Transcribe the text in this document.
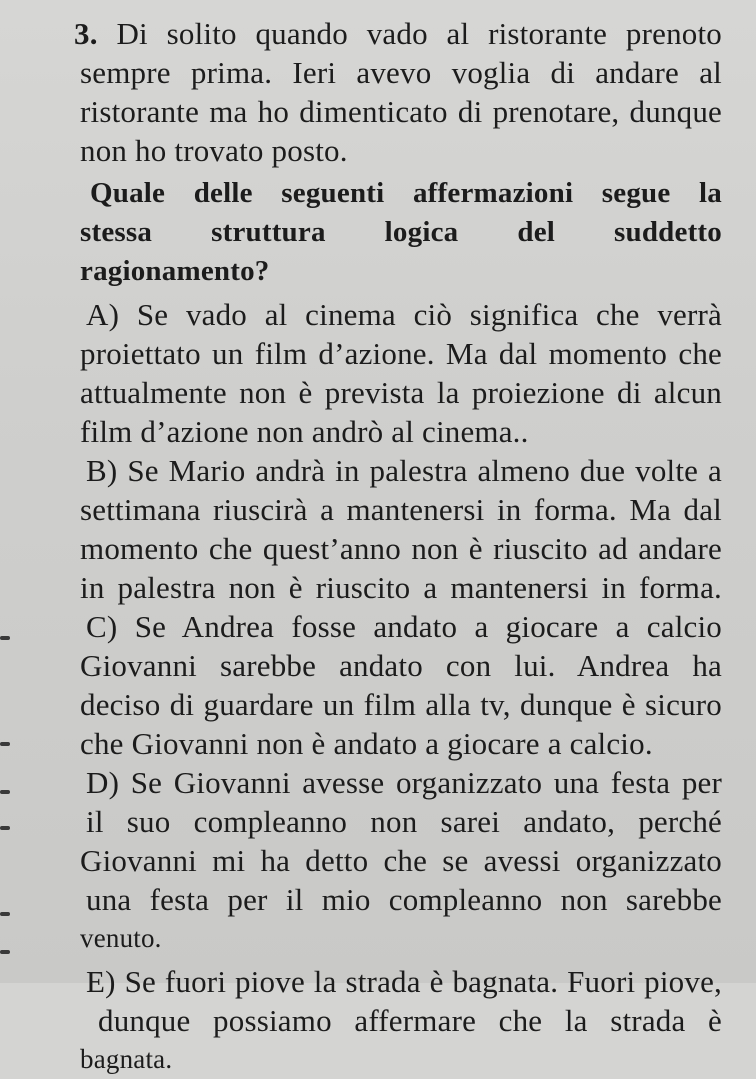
3. Di solito quando vado al ristorante prenoto
sempre prima. Ieri avevo voglia di andare al
ristorante ma ho dimenticato di prenotare, dunque
non ho trovato posto.
Quale delle seguenti affermazioni segue la
stessa struttura logica del suddetto
ragionamento?
A) Se vado al cinema ciò significa che verrà
proiettato un film d’azione. Ma dal momento che
attualmente non è prevista la proiezione di alcun
film d’azione non andrò al cinema..
B) Se Mario andrà in palestra almeno due volte a
settimana riuscirà a mantenersi in forma. Ma dal
momento che quest’anno non è riuscito ad andare
in palestra non è riuscito a mantenersi in forma.
C) Se Andrea fosse andato a giocare a calcio
Giovanni sarebbe andato con lui. Andrea ha
deciso di guardare un film alla tv, dunque è sicuro
che Giovanni non è andato a giocare a calcio.
D) Se Giovanni avesse organizzato una festa per
il suo compleanno non sarei andato, perché
Giovanni mi ha detto che se avessi organizzato
una festa per il mio compleanno non sarebbe
venuto.
E) Se fuori piove la strada è bagnata. Fuori piove,
dunque possiamo affermare che la strada è
bagnata.
